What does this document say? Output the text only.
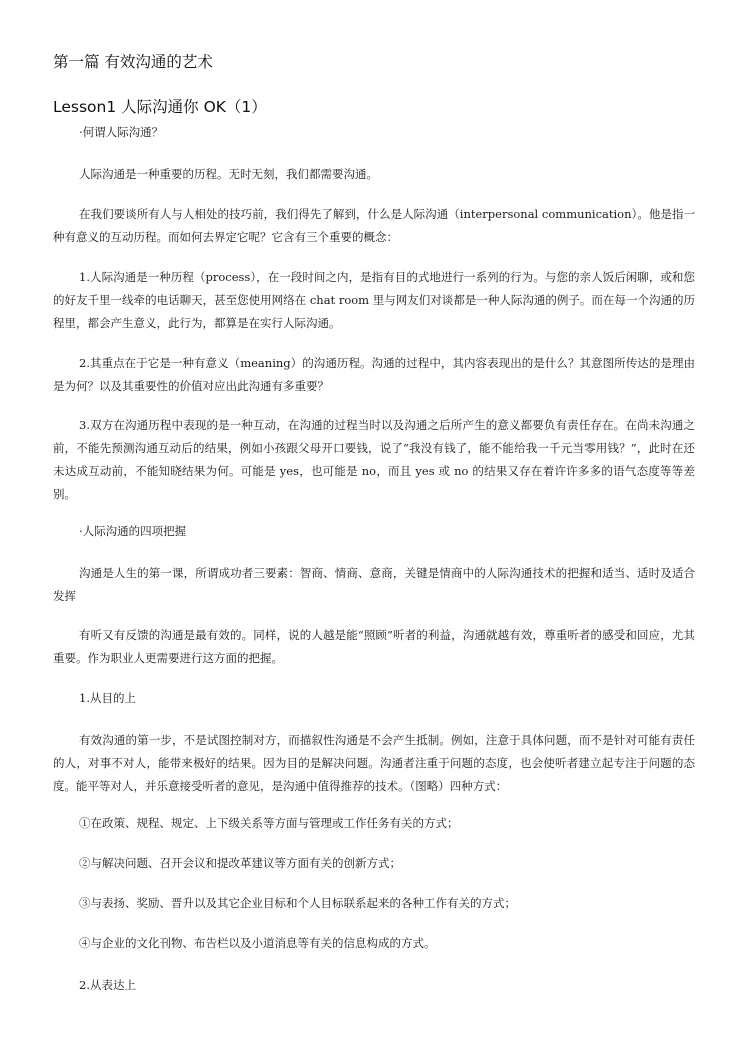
第一篇 有效沟通的艺术
Lesson1 人际沟通你 OK（1）

·何谓人际沟通？

人际沟通是一种重要的历程。无时无刻，我们都需要沟通。

在我们要谈所有人与人相处的技巧前，我们得先了解到，什么是人际沟通（interpersonal communication）。他是指一种有意义的互动历程。而如何去界定它呢？它含有三个重要的概念：

1.人际沟通是一种历程（process），在一段时间之内，是指有目的式地进行一系列的行为。与您的亲人饭后闲聊，或和您的好友千里一线牵的电话聊天，甚至您使用网络在 chat room 里与网友们对谈都是一种人际沟通的例子。而在每一个沟通的历程里，都会产生意义，此行为，都算是在实行人际沟通。

2.其重点在于它是一种有意义（meaning）的沟通历程。沟通的过程中，其内容表现出的是什么？其意图所传达的是理由是为何？以及其重要性的价值对应出此沟通有多重要？

3.双方在沟通历程中表现的是一种互动，在沟通的过程当时以及沟通之后所产生的意义都要负有责任存在。在尚未沟通之前，不能先预测沟通互动后的结果，例如小孩跟父母开口要钱，说了“我没有钱了，能不能给我一千元当零用钱？”，此时在还未达成互动前，不能知晓结果为何。可能是 yes，也可能是 no，而且 yes 或 no 的结果又存在着许许多多的语气态度等等差别。

·人际沟通的四项把握

沟通是人生的第一课，所谓成功者三要素：智商、情商、意商，关键是情商中的人际沟通技术的把握和适当、适时及适合发挥

有听又有反馈的沟通是最有效的。同样，说的人越是能“照顾”听者的利益，沟通就越有效，尊重听者的感受和回应，尤其重要。作为职业人更需要进行这方面的把握。

1.从目的上

有效沟通的第一步，不是试图控制对方，而描叙性沟通是不会产生抵制。例如，注意于具体问题，而不是针对可能有责任的人，对事不对人，能带来极好的结果。因为目的是解决问题。沟通者注重于问题的态度，也会使听者建立起专注于问题的态度。能平等对人，并乐意接受听者的意见，是沟通中值得推荐的技术。（图略）四种方式：

①在政策、规程、规定、上下级关系等方面与管理或工作任务有关的方式；

②与解决问题、召开会议和提改革建议等方面有关的创新方式；

③与表扬、奖励、晋升以及其它企业目标和个人目标联系起来的各种工作有关的方式；

④与企业的文化刊物、布告栏以及小道消息等有关的信息构成的方式。

2.从表达上
